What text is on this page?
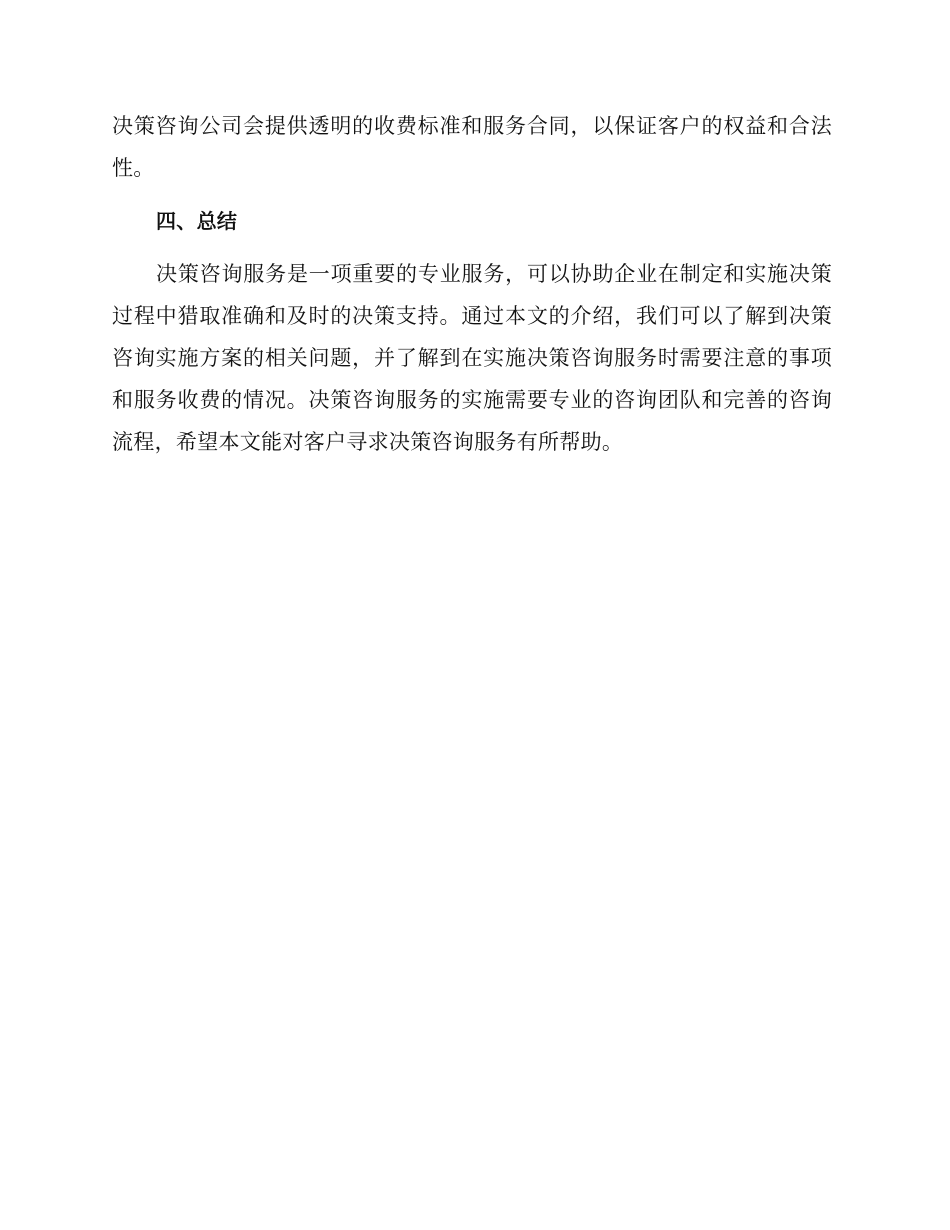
决策咨询公司会提供透明的收费标准和服务合同，以保证客户的权益和合法性。

四、总结

决策咨询服务是一项重要的专业服务，可以协助企业在制定和实施决策过程中猎取准确和及时的决策支持。通过本文的介绍，我们可以了解到决策咨询实施方案的相关问题，并了解到在实施决策咨询服务时需要注意的事项和服务收费的情况。决策咨询服务的实施需要专业的咨询团队和完善的咨询流程，希望本文能对客户寻求决策咨询服务有所帮助。
